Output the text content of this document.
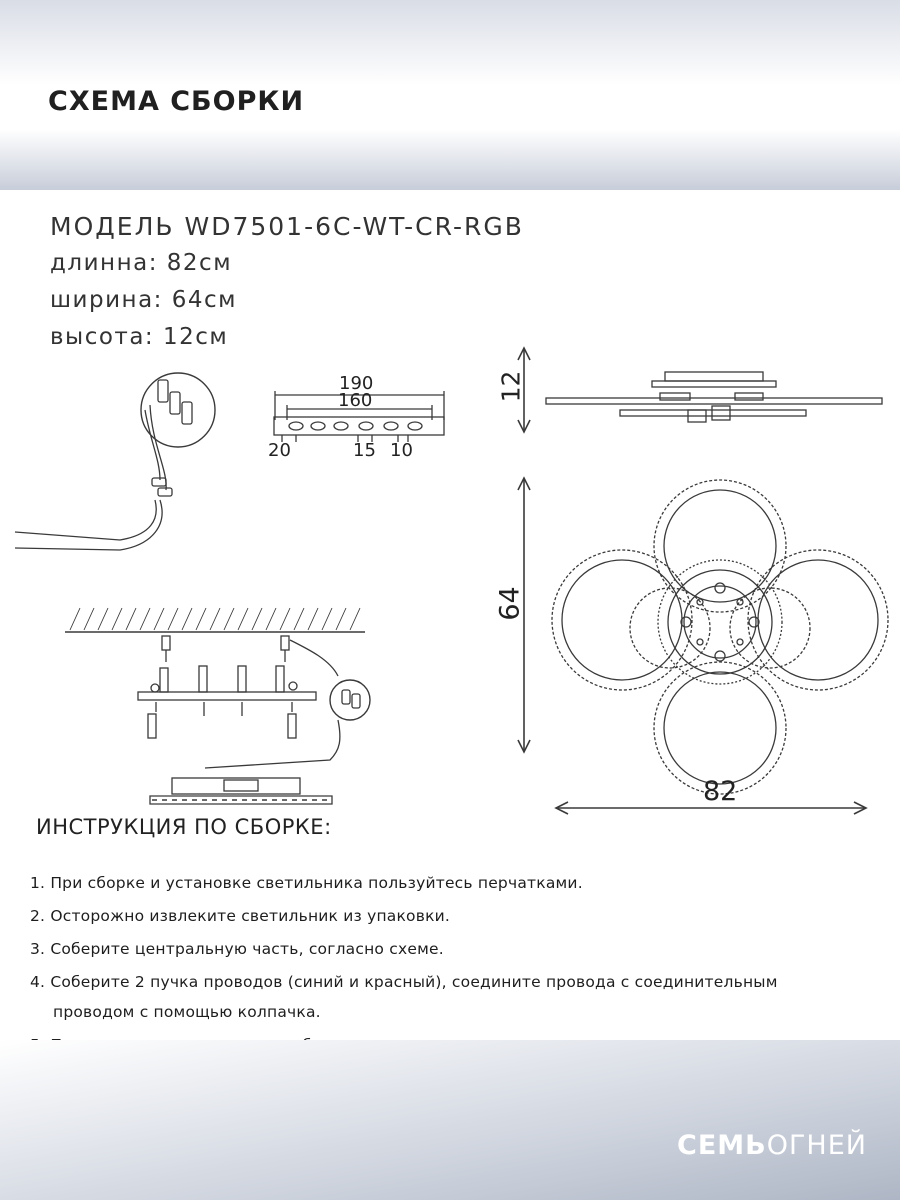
СХЕМА СБОРКИ
МОДЕЛЬ WD7501-6C-WT-CR-RGB
длинна: 82см
ширина: 64см
высота: 12см
190
160
20	15 10
12
64
82
ИНСТРУКЦИЯ ПО СБОРКЕ:
1. При сборке и установке светильника пользуйтесь перчатками.
2. Осторожно извлеките светильник из упаковки.
3. Соберите центральную часть, согласно схеме.
4. Соберите 2 пучка проводов (синий и красный), соедините провода с соединительным
проводом с помощью колпачка.
СЕМЬОГНЕЙ
